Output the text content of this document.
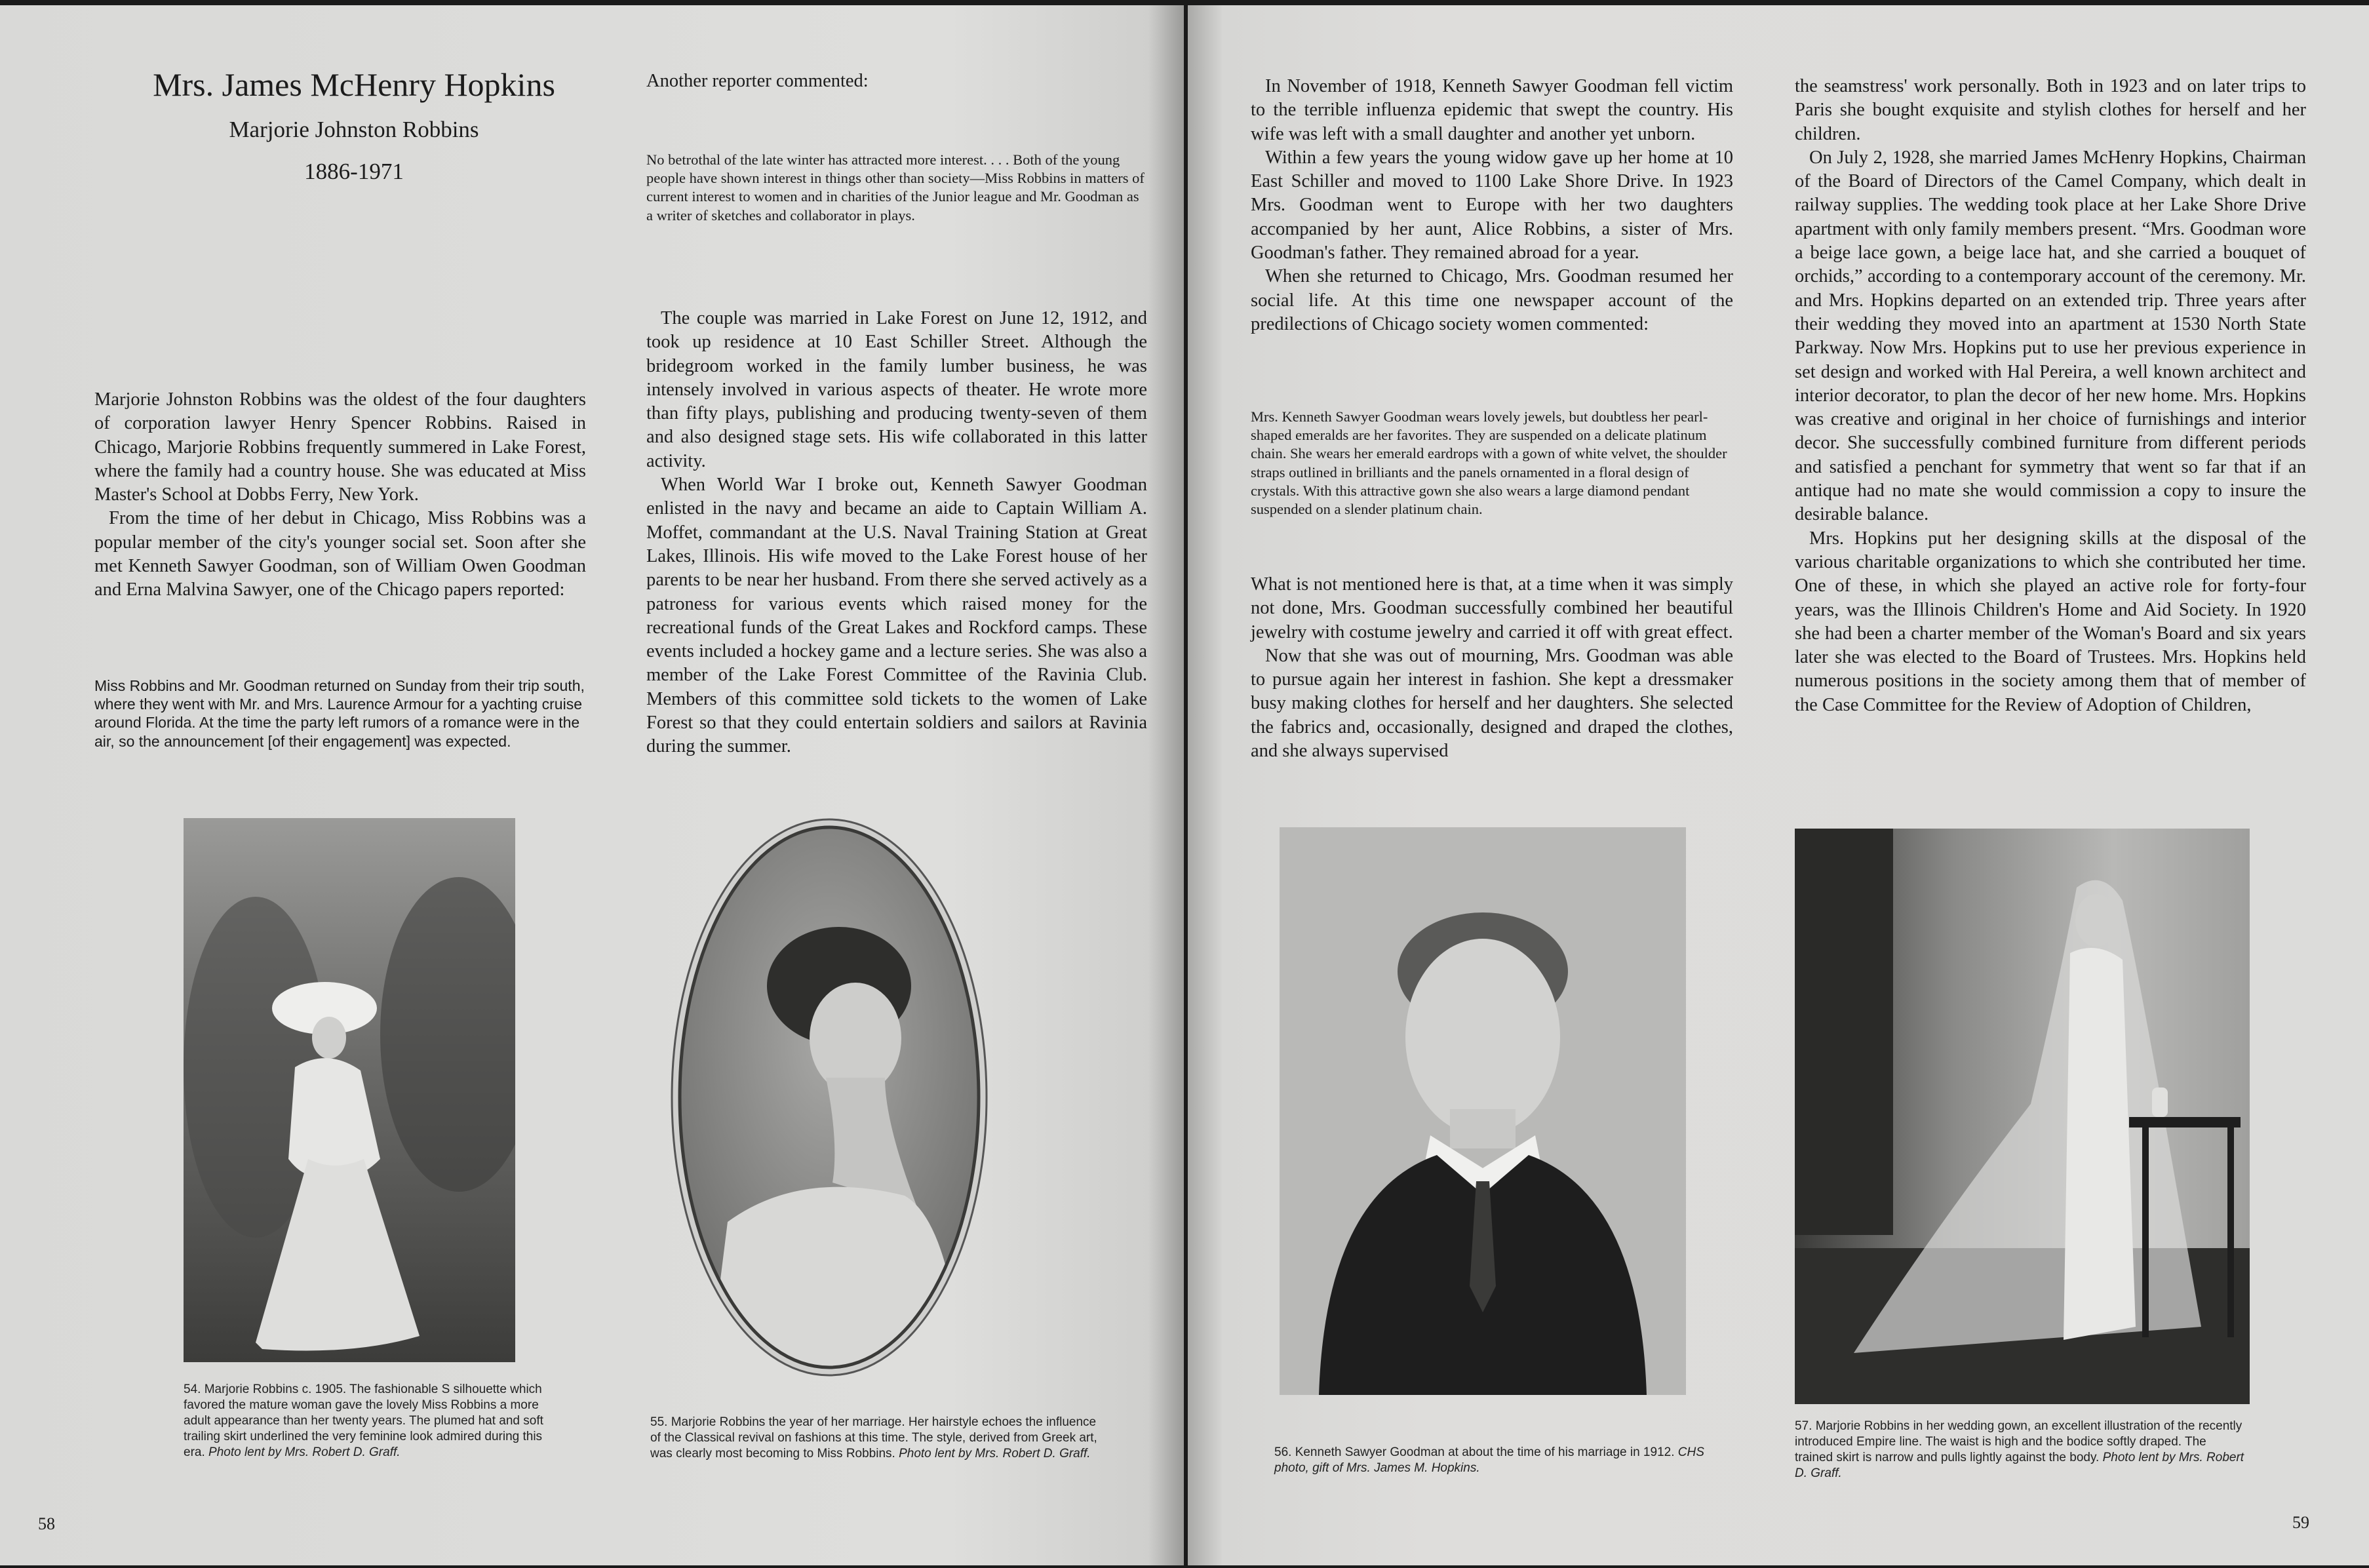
Mrs. James McHenry Hopkins
Marjorie Johnston Robbins
1886-1971

Marjorie Johnston Robbins was the oldest of the four daughters of corporation lawyer Henry Spencer Robbins. Raised in Chicago, Marjorie Robbins frequently summered in Lake Forest, where the family had a country house. She was educated at Miss Master's School at Dobbs Ferry, New York.

From the time of her debut in Chicago, Miss Robbins was a popular member of the city's younger social set. Soon after she met Kenneth Sawyer Goodman, son of William Owen Goodman and Erna Malvina Sawyer, one of the Chicago papers reported:

Miss Robbins and Mr. Goodman returned on Sunday from their trip south, where they went with Mr. and Mrs. Laurence Armour for a yachting cruise around Florida. At the time the party left rumors of a romance were in the air, so the announcement [of their engagement] was expected.

Another reporter commented:

No betrothal of the late winter has attracted more interest. . . . Both of the young people have shown interest in things other than society—Miss Robbins in matters of current interest to women and in charities of the Junior league and Mr. Goodman as a writer of sketches and collaborator in plays.

The couple was married in Lake Forest on June 12, 1912, and took up residence at 10 East Schiller Street. Although the bridegroom worked in the family lumber business, he was intensely involved in various aspects of theater. He wrote more than fifty plays, publishing and producing twenty-seven of them and also designed stage sets. His wife collaborated in this latter activity.

When World War I broke out, Kenneth Sawyer Goodman enlisted in the navy and became an aide to Captain William A. Moffet, commandant at the U.S. Naval Training Station at Great Lakes, Illinois. His wife moved to the Lake Forest house of her parents to be near her husband. From there she served actively as a patroness for various events which raised money for the recreational funds of the Great Lakes and Rockford camps. These events included a hockey game and a lecture series. She was also a member of the Lake Forest Committee of the Ravinia Club. Members of this committee sold tickets to the women of Lake Forest so that they could entertain soldiers and sailors at Ravinia during the summer.

54. Marjorie Robbins c. 1905. The fashionable S silhouette which favored the mature woman gave the lovely Miss Robbins a more adult appearance than her twenty years. The plumed hat and soft trailing skirt underlined the very feminine look admired during this era. Photo lent by Mrs. Robert D. Graff.

55. Marjorie Robbins the year of her marriage. Her hairstyle echoes the influence of the Classical revival on fashions at this time. The style, derived from Greek art, was clearly most becoming to Miss Robbins. Photo lent by Mrs. Robert D. Graff.

58

In November of 1918, Kenneth Sawyer Goodman fell victim to the terrible influenza epidemic that swept the country. His wife was left with a small daughter and another yet unborn.

Within a few years the young widow gave up her home at 10 East Schiller and moved to 1100 Lake Shore Drive. In 1923 Mrs. Goodman went to Europe with her two daughters accompanied by her aunt, Alice Robbins, a sister of Mrs. Goodman's father. They remained abroad for a year.

When she returned to Chicago, Mrs. Goodman resumed her social life. At this time one newspaper account of the predilections of Chicago society women commented:

Mrs. Kenneth Sawyer Goodman wears lovely jewels, but doubtless her pearl-shaped emeralds are her favorites. They are suspended on a delicate platinum chain. She wears her emerald eardrops with a gown of white velvet, the shoulder straps outlined in brilliants and the panels ornamented in a floral design of crystals. With this attractive gown she also wears a large diamond pendant suspended on a slender platinum chain.

What is not mentioned here is that, at a time when it was simply not done, Mrs. Goodman successfully combined her beautiful jewelry with costume jewelry and carried it off with great effect.

Now that she was out of mourning, Mrs. Goodman was able to pursue again her interest in fashion. She kept a dressmaker busy making clothes for herself and her daughters. She selected the fabrics and, occasionally, designed and draped the clothes, and she always supervised

the seamstress' work personally. Both in 1923 and on later trips to Paris she bought exquisite and stylish clothes for herself and her children.

On July 2, 1928, she married James McHenry Hopkins, Chairman of the Board of Directors of the Camel Company, which dealt in railway supplies. The wedding took place at her Lake Shore Drive apartment with only family members present. “Mrs. Goodman wore a beige lace gown, a beige lace hat, and she carried a bouquet of orchids,” according to a contemporary account of the ceremony. Mr. and Mrs. Hopkins departed on an extended trip. Three years after their wedding they moved into an apartment at 1530 North State Parkway. Now Mrs. Hopkins put to use her previous experience in set design and worked with Hal Pereira, a well known architect and interior decorator, to plan the decor of her new home. Mrs. Hopkins was creative and original in her choice of furnishings and interior decor. She successfully combined furniture from different periods and satisfied a penchant for symmetry that went so far that if an antique had no mate she would commission a copy to insure the desirable balance.

Mrs. Hopkins put her designing skills at the disposal of the various charitable organizations to which she contributed her time. One of these, in which she played an active role for forty-four years, was the Illinois Children's Home and Aid Society. In 1920 she had been a charter member of the Woman's Board and six years later she was elected to the Board of Trustees. Mrs. Hopkins held numerous positions in the society among them that of member of the Case Committee for the Review of Adoption of Children,

56. Kenneth Sawyer Goodman at about the time of his marriage in 1912. CHS photo, gift of Mrs. James M. Hopkins.

57. Marjorie Robbins in her wedding gown, an excellent illustration of the recently introduced Empire line. The waist is high and the bodice softly draped. The trained skirt is narrow and pulls lightly against the body. Photo lent by Mrs. Robert D. Graff.

59
